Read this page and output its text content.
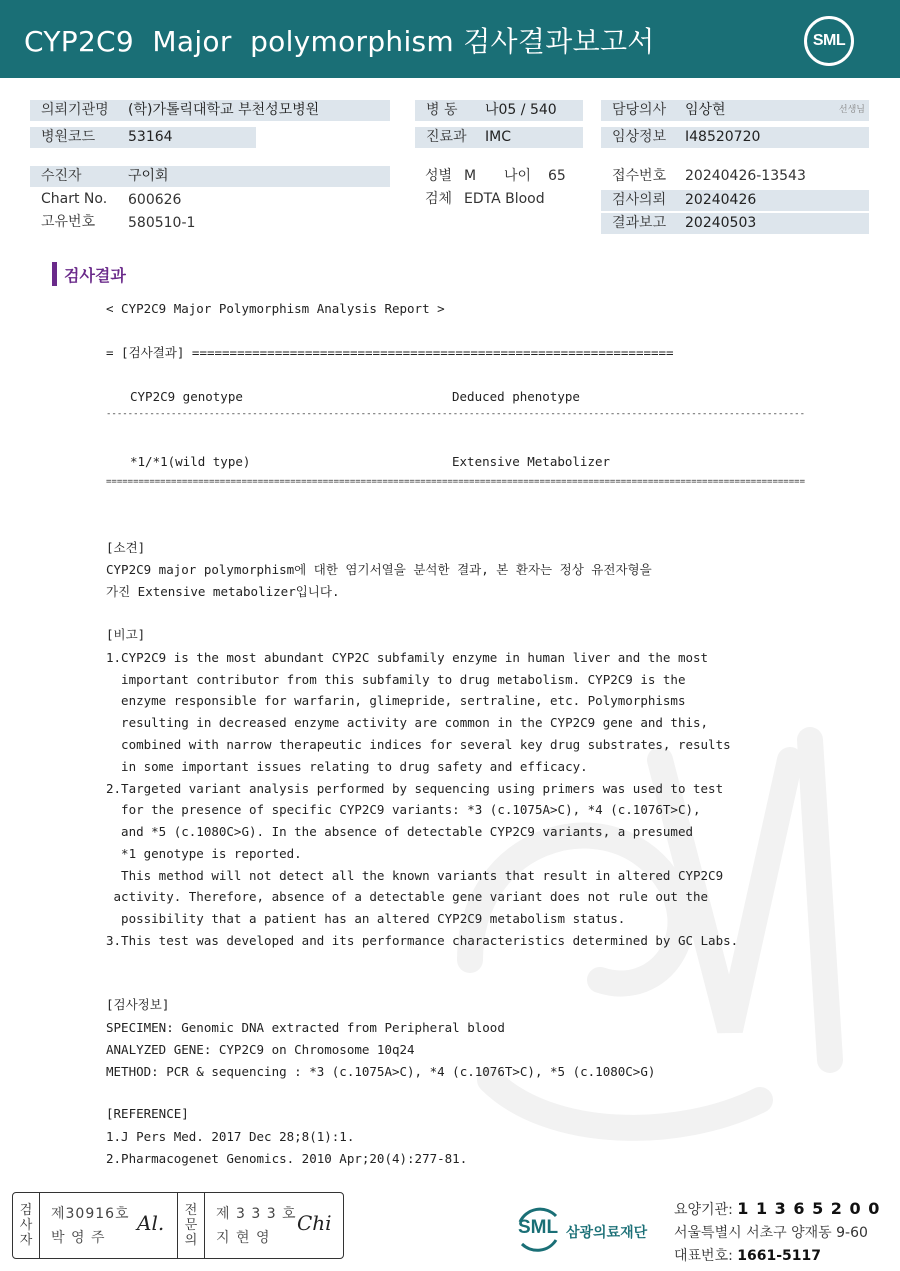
CYP2C9  Major  polymorphism 검사결과보고서	SML
의뢰기관명 (학)가톨릭대학교 부천성모병원	병 동 나05 / 540	담당의사 임상현	선생님
병원코드 53164	진료과 IMC	임상정보 I48520720
수진자	구이회	성별 M 나이 65	접수번호 20240426-13543
Chart No. 600626	검체 EDTA Blood	검사의뢰 20240426
고유번호 580510-1	결과보고 20240503
검사결과
< CYP2C9 Major Polymorphism Analysis Report >
= [검사결과] ================================================================
CYP2C9 genotype	Deduced phenotype
---------------------------------------------------------------------------------------------------------------------------------
*1/*1(wild type)	Extensive Metabolizer
=================================================================================================================================
[소견]
CYP2C9 major polymorphism에 대한 염기서열을 분석한 결과, 본 환자는 정상 유전자형을
가진 Extensive metabolizer입니다.
[비고]
1.CYP2C9 is the most abundant CYP2C subfamily enzyme in human liver and the most
important contributor from this subfamily to drug metabolism. CYP2C9 is the
enzyme responsible for warfarin, glimepride, sertraline, etc. Polymorphisms
resulting in decreased enzyme activity are common in the CYP2C9 gene and this,
combined with narrow therapeutic indices for several key drug substrates, results
in some important issues relating to drug safety and efficacy.
2.Targeted variant analysis performed by sequencing using primers was used to test
for the presence of specific CYP2C9 variants: *3 (c.1075A>C), *4 (c.1076T>C),
and *5 (c.1080C>G). In the absence of detectable CYP2C9 variants, a presumed
*1 genotype is reported.
This method will not detect all the known variants that result in altered CYP2C9
activity. Therefore, absence of a detectable gene variant does not rule out the
possibility that a patient has an altered CYP2C9 metabolism status.
3.This test was developed and its performance characteristics determined by GC Labs.
[검사정보]
SPECIMEN: Genomic DNA extracted from Peripheral blood
ANALYZED GENE: CYP2C9 on Chromosome 10q24
METHOD: PCR & sequencing : *3 (c.1075A>C), *4 (c.1076T>C), *5 (c.1080C>G)
[REFERENCE]
1.J Pers Med. 2017 Dec 28;8(1):1.
2.Pharmacogenet Genomics. 2010 Apr;20(4):277-81.
검
사
자
제30916호
박 영 주
Al.
전
문
의
제 3 3 3 호
지 현 영
Chi	SML 삼광의료재단
요양기관: 1 1 3 6 5 2 0 0
서울특별시 서초구 양재동 9-60
대표번호: 1661-5117
